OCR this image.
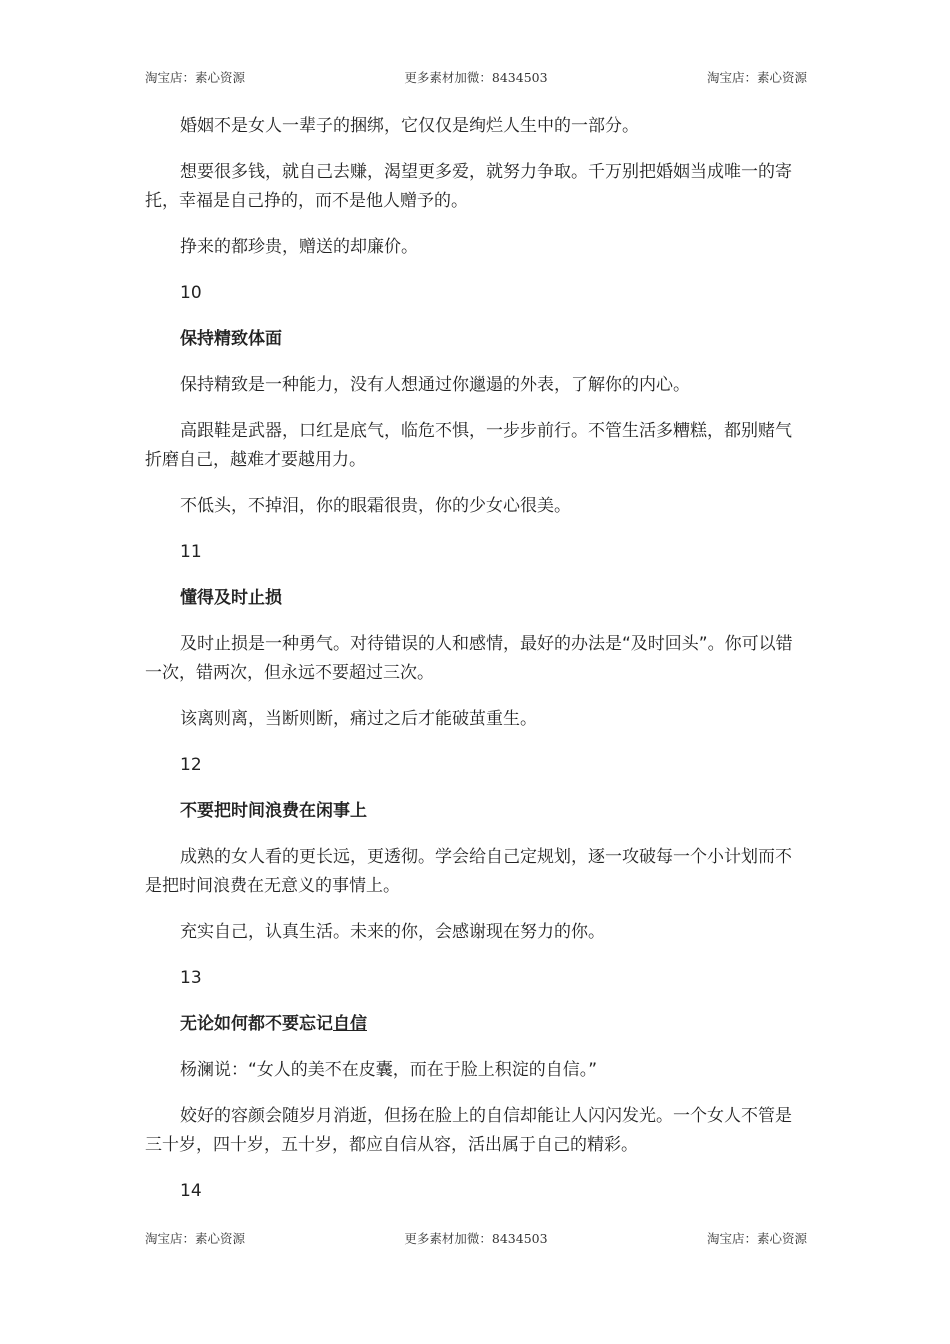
淘宝店：素心资源	更多素材加微：8434503	淘宝店：素心资源

婚姻不是女人一辈子的捆绑，它仅仅是绚烂人生中的一部分。

想要很多钱，就自己去赚，渴望更多爱，就努力争取。千万别把婚姻当成唯一的寄托，幸福是自己挣的，而不是他人赠予的。

挣来的都珍贵，赠送的却廉价。

10

保持精致体面

保持精致是一种能力，没有人想通过你邋遢的外表，了解你的内心。

高跟鞋是武器，口红是底气，临危不惧，一步步前行。不管生活多糟糕，都别赌气折磨自己，越难才要越用力。

不低头，不掉泪，你的眼霜很贵，你的少女心很美。

11

懂得及时止损

及时止损是一种勇气。对待错误的人和感情，最好的办法是“及时回头”。你可以错一次，错两次，但永远不要超过三次。

该离则离，当断则断，痛过之后才能破茧重生。

12

不要把时间浪费在闲事上

成熟的女人看的更长远，更透彻。学会给自己定规划，逐一攻破每一个小计划而不是把时间浪费在无意义的事情上。

充实自己，认真生活。未来的你，会感谢现在努力的你。

13

无论如何都不要忘记自信

杨澜说：“女人的美不在皮囊，而在于脸上积淀的自信。”

姣好的容颜会随岁月消逝，但扬在脸上的自信却能让人闪闪发光。一个女人不管是三十岁，四十岁，五十岁，都应自信从容，活出属于自己的精彩。

14

淘宝店：素心资源	更多素材加微：8434503	淘宝店：素心资源
